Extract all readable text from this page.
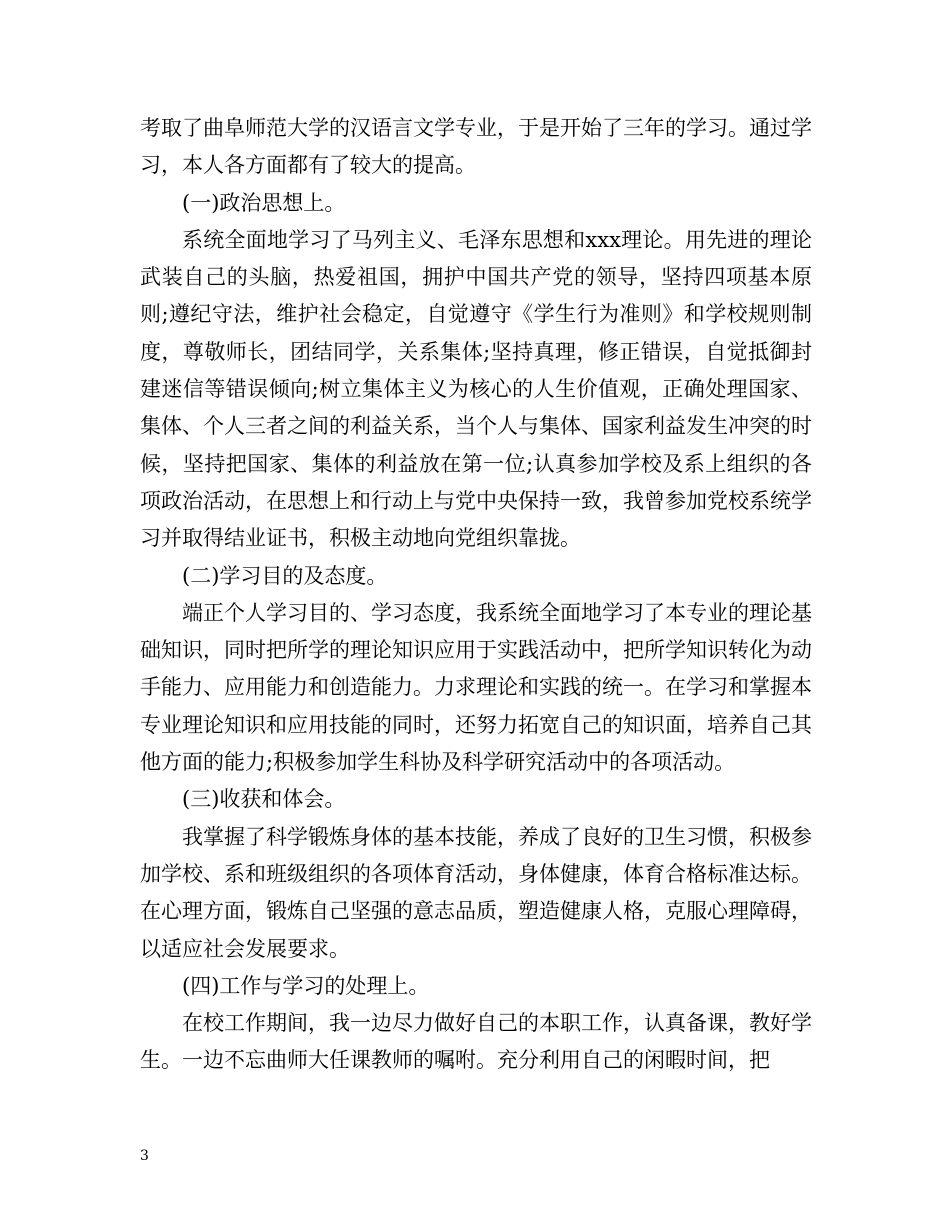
考取了曲阜师范大学的汉语言文学专业，于是开始了三年的学习。通过学习，本人各方面都有了较大的提高。

(一)政治思想上。

系统全面地学习了马列主义、毛泽东思想和xxx理论。用先进的理论武装自己的头脑，热爱祖国，拥护中国共产党的领导，坚持四项基本原则;遵纪守法，维护社会稳定，自觉遵守《学生行为准则》和学校规则制度，尊敬师长，团结同学，关系集体;坚持真理，修正错误，自觉抵御封建迷信等错误倾向;树立集体主义为核心的人生价值观，正确处理国家、集体、个人三者之间的利益关系，当个人与集体、国家利益发生冲突的时候，坚持把国家、集体的利益放在第一位;认真参加学校及系上组织的各项政治活动，在思想上和行动上与党中央保持一致，我曾参加党校系统学习并取得结业证书，积极主动地向党组织靠拢。

(二)学习目的及态度。

端正个人学习目的、学习态度，我系统全面地学习了本专业的理论基础知识，同时把所学的理论知识应用于实践活动中，把所学知识转化为动手能力、应用能力和创造能力。力求理论和实践的统一。在学习和掌握本专业理论知识和应用技能的同时，还努力拓宽自己的知识面，培养自己其他方面的能力;积极参加学生科协及科学研究活动中的各项活动。

(三)收获和体会。

我掌握了科学锻炼身体的基本技能，养成了良好的卫生习惯，积极参加学校、系和班级组织的各项体育活动，身体健康，体育合格标准达标。在心理方面，锻炼自己坚强的意志品质，塑造健康人格，克服心理障碍，以适应社会发展要求。

(四)工作与学习的处理上。

在校工作期间，我一边尽力做好自己的本职工作，认真备课，教好学生。一边不忘曲师大任课教师的嘱咐。充分利用自己的闲暇时间，把

3
